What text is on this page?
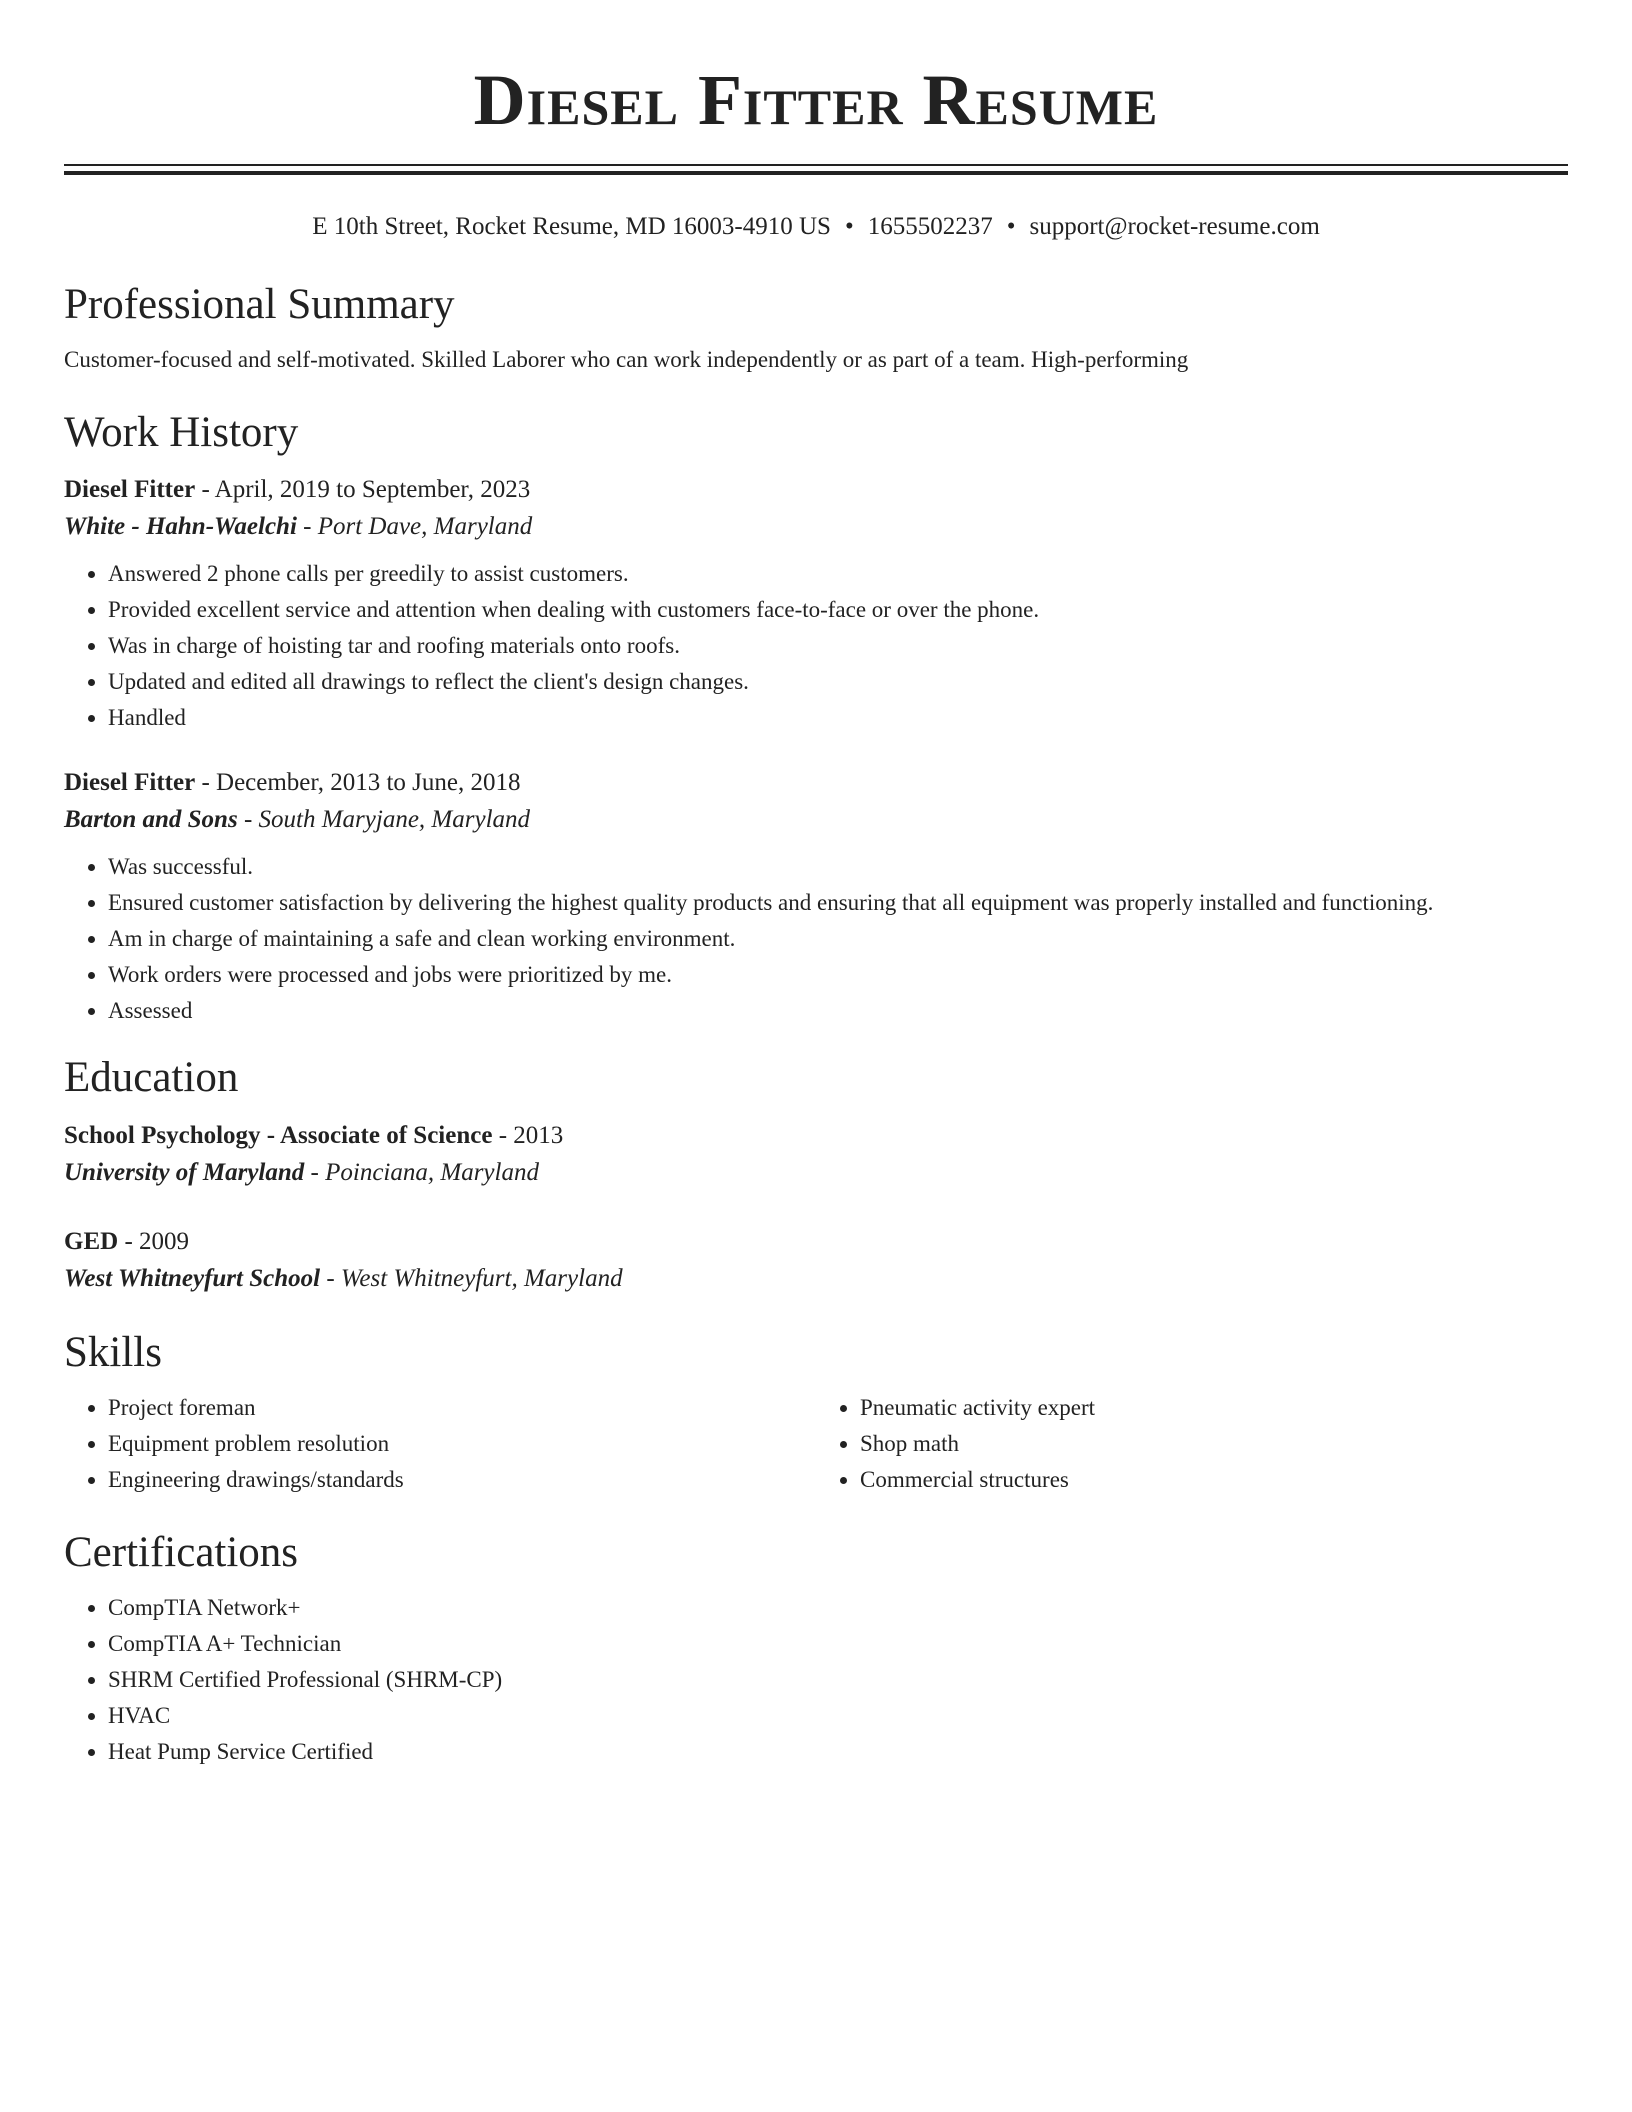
Diesel Fitter Resume
E 10th Street, Rocket Resume, MD 16003-4910 US • 1655502237 • support@rocket-resume.com
Professional Summary

Customer-focused and self-motivated. Skilled Laborer who can work independently or as part of a team. High-performing

Work History

Diesel Fitter - April, 2019 to September, 2023

White - Hahn-Waelchi - Port Dave, Maryland

• Answered 2 phone calls per greedily to assist customers.
• Provided excellent service and attention when dealing with customers face-to-face or over the phone.
• Was in charge of hoisting tar and roofing materials onto roofs.
• Updated and edited all drawings to reflect the client's design changes.
• Handled

Diesel Fitter - December, 2013 to June, 2018

Barton and Sons - South Maryjane, Maryland

• Was successful.
• Ensured customer satisfaction by delivering the highest quality products and ensuring that all equipment was properly installed and functioning.
• Am in charge of maintaining a safe and clean working environment.
• Work orders were processed and jobs were prioritized by me.
• Assessed
Education

School Psychology - Associate of Science - 2013

University of Maryland - Poinciana, Maryland

GED - 2009

West Whitneyfurt School - West Whitneyfurt, Maryland

Skills
• Project foreman
• Equipment problem resolution
• Engineering drawings/standards
• Pneumatic activity expert
• Shop math
• Commercial structures
Certifications
• CompTIA Network+
• CompTIA A+ Technician
• SHRM Certified Professional (SHRM-CP)
• HVAC
• Heat Pump Service Certified
